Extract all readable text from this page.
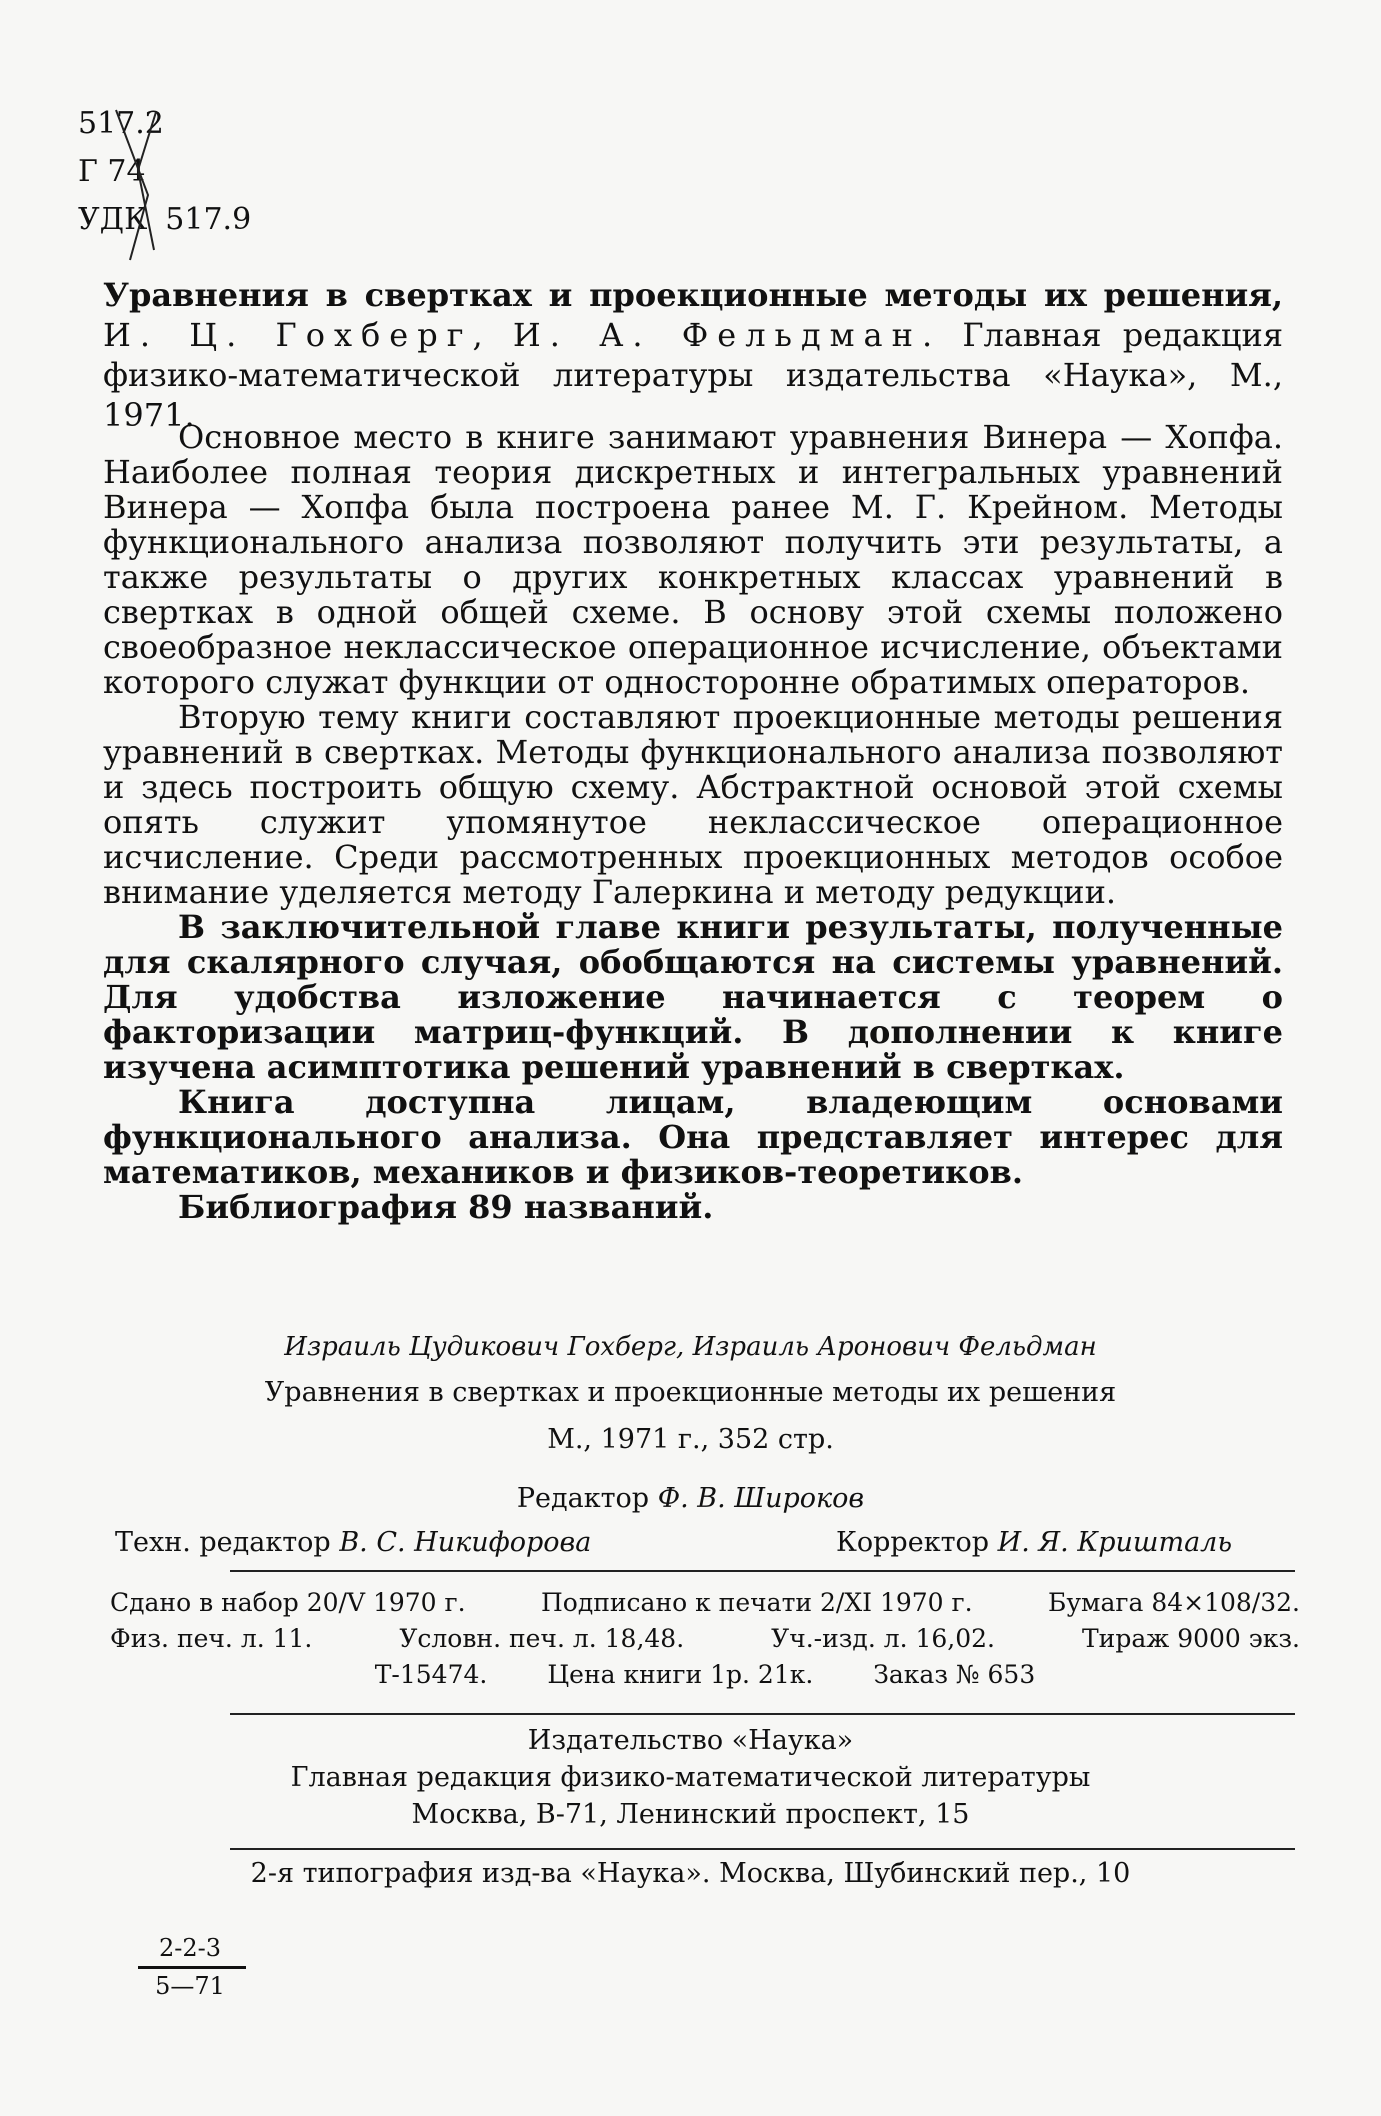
517.2
Г 74
УДК 517.9
Уравнения в свертках и проекционные методы их решения, И. Ц. Гохберг, И. А. Фельдман. Главная редакция физико-математической литературы издательства «Наука», М., 1971.

Основное место в книге занимают уравнения Винера — Хопфа. Наиболее полная теория дискретных и интегральных уравнений Винера — Хопфа была построена ранее М. Г. Крейном. Методы функционального анализа позволяют получить эти результаты, а также результаты о других конкретных классах уравнений в свертках в одной общей схеме. В основу этой схемы положено своеобразное неклассическое операционное исчисление, объектами которого служат функции от односторонне обратимых операторов.

Вторую тему книги составляют проекционные методы решения уравнений в свертках. Методы функционального анализа позволяют и здесь построить общую схему. Абстрактной основой этой схемы опять служит упомянутое неклассическое операционное исчисление. Среди рассмотренных проекционных методов особое внимание уделяется методу Галеркина и методу редукции.

В заключительной главе книги результаты, полученные для скалярного случая, обобщаются на системы уравнений. Для удобства изложение начинается с теорем о факторизации матриц-функций. В дополнении к книге изучена асимптотика решений уравнений в свертках.

Книга доступна лицам, владеющим основами функционального анализа. Она представляет интерес для математиков, механиков и физиков-теоретиков.

Библиография 89 названий.

Израиль Цудикович Гохберг, Израиль Аронович Фельдман
Уравнения в свертках и проекционные методы их решения
М., 1971 г., 352 стр.
Редактор Ф. В. Широков
Техн. редактор В. С. Никифорова	Корректор И. Я. Кришталь
Сдано в набор 20/V 1970 г.	Подписано к печати 2/XI 1970 г.	Бумага 84×108/32.
Физ. печ. л. 11.	Условн. печ. л. 18,48.	Уч.-изд. л. 16,02.	Тираж 9000 экз.
Т-15474. Цена книги 1р. 21к. Заказ № 653
Издательство «Наука»
Главная редакция физико-математической литературы
Москва, В-71, Ленинский проспект, 15
2-я типография изд-ва «Наука». Москва, Шубинский пер., 10
2-2-3
5—71
